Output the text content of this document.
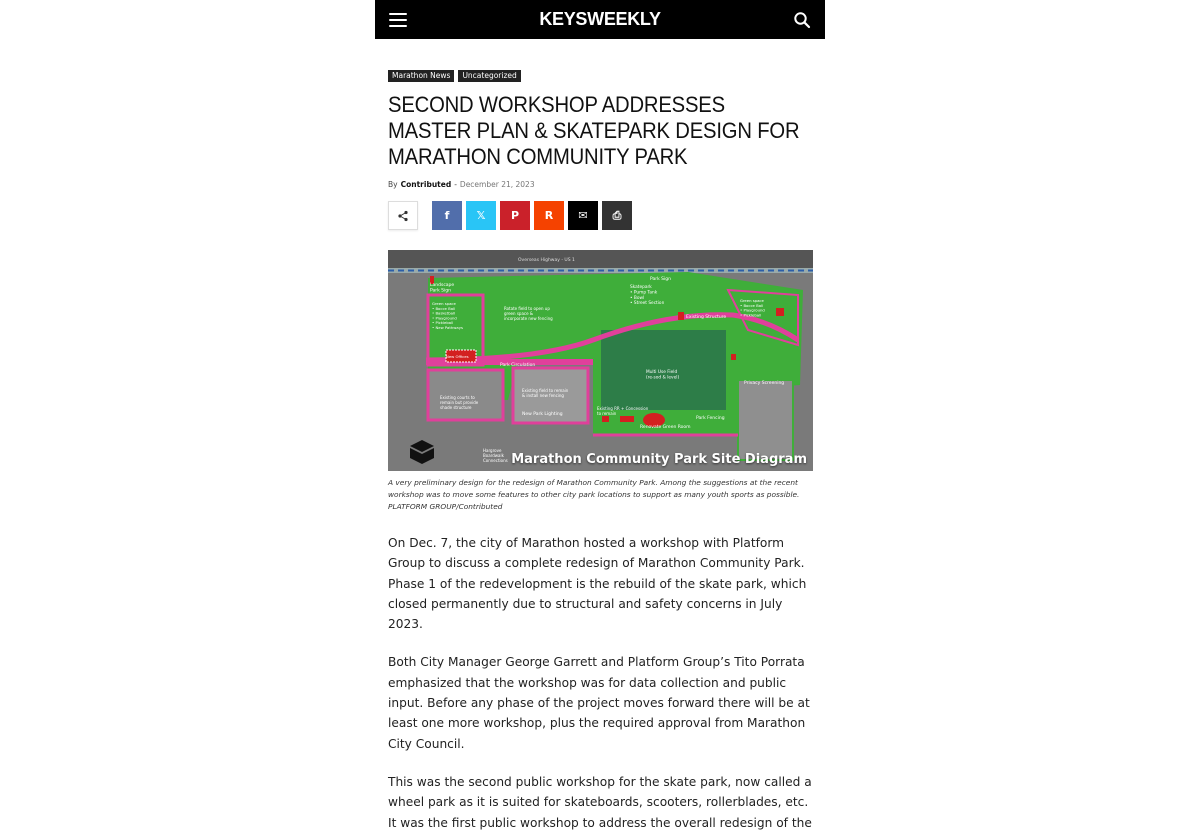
KEYSWEEKLY
Marathon News	Uncategorized
SECOND WORKSHOP ADDRESSES MASTER PLAN & SKATEPARK DESIGN FOR MARATHON COMMUNITY PARK
By Contributed - December 21, 2023
f 𝕏 P R ✉ ⎙
Overseas Highway - US 1
Landscape Park Sign
Green space • Bocce Ball • Basketball • Playground • Pickleball • New Pathways
Rotate field to open up green space & incorporate new fencing
Park Sign
Skatepark • Pump Tank • Bowl • Street Section
Existing Structure
Green space • Bocce Ball • Playground • Pickleball
New Offices
Park Circulation
Multi Use Field (re-sod & level)
Privacy Screening
Existing courts to remain but provide shade structure
Existing field to remain & install new fencing
New Park Lighting
Existing RR + Concession to remain
Park Fencing
Renovate Green Room
Hargrove Boardwalk Connections Marathon Community Park Site Diagram

A very preliminary design for the redesign of Marathon Community Park. Among the suggestions at the recent workshop was to move some features to other city park locations to support as many youth sports as possible. PLATFORM GROUP/Contributed

On Dec. 7, the city of Marathon hosted a workshop with Platform Group to discuss a complete redesign of Marathon Community Park. Phase 1 of the redevelopment is the rebuild of the skate park, which closed permanently due to structural and safety concerns in July 2023.

Both City Manager George Garrett and Platform Group’s Tito Porrata emphasized that the workshop was for data collection and public input. Before any phase of the project moves forward there will be at least one more workshop, plus the required approval from Marathon City Council.

This was the second public workshop for the skate park, now called a wheel park as it is suited for skateboards, scooters, rollerblades, etc. It was the first public workshop to address the overall redesign of the
